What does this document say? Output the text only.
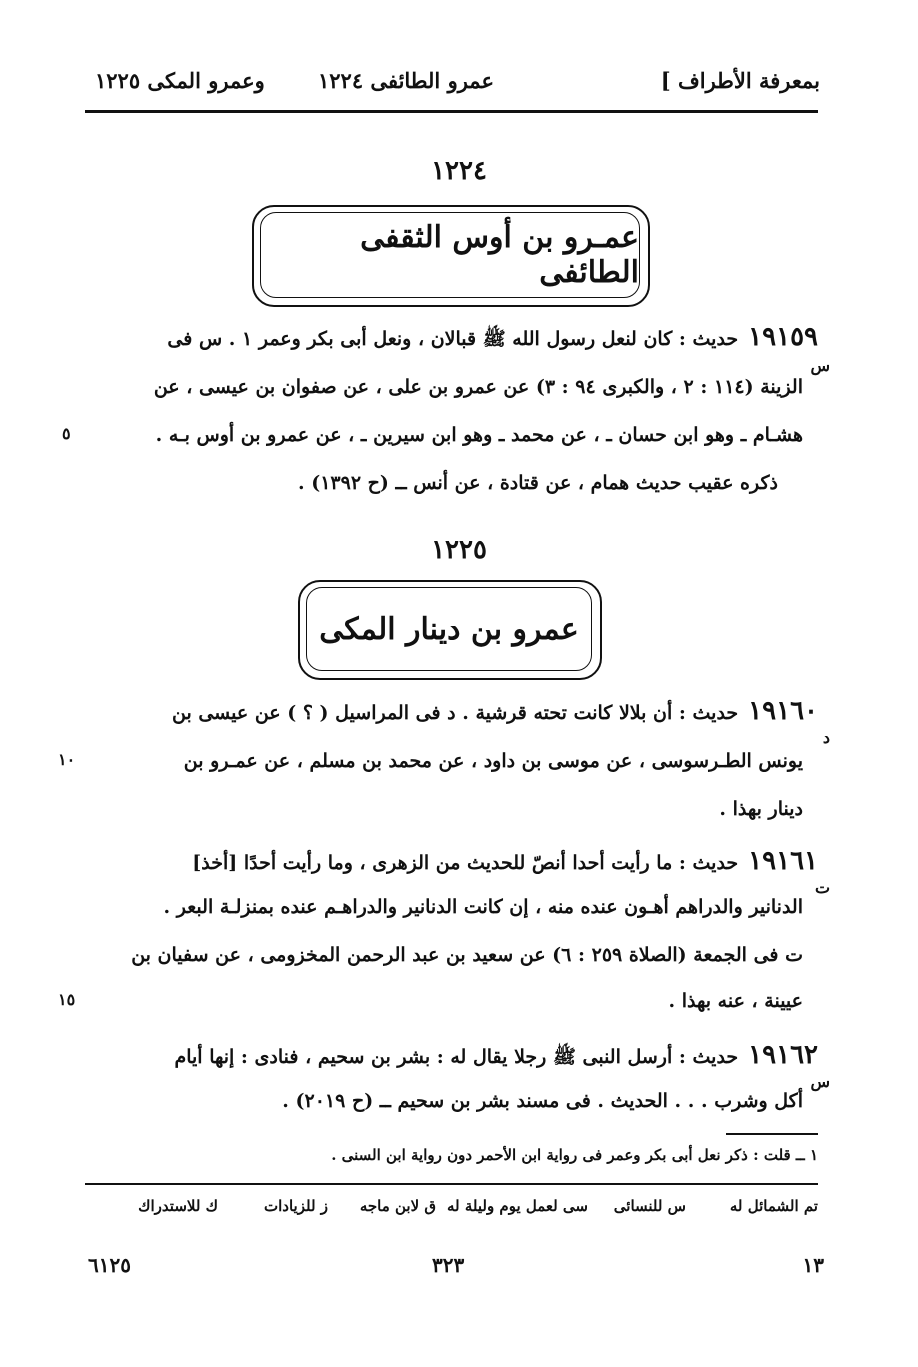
بمعرفة الأطراف ]
عمرو الطائفى ١٢٢٤
وعمرو المكى ١٢٢٥
١٢٢٤
عمـرو بن أوس الثقفى الطائفى
١٩١٥٩حديث : كان لنعل رسول الله ﷺ قبالان ، ونعل أبى بكر وعمر ١ . س فى
س
الزينة (١١٤ : ٢ ، والكبرى ٩٤ : ٣) عن عمرو بن على ، عن صفوان بن عيسى ، عن
هشـام ـ وهو ابن حسان ـ ، عن محمد ـ وهو ابن سيرين ـ ، عن عمرو بن أوس بـه .
٥
ذكره عقيب حديث همام ، عن قتادة ، عن أنس ــ (ح ١٣٩٢) .
١٢٢٥
عمرو بن دينار المكى
١٩١٦٠حديث : أن بلالا كانت تحته قرشية . د فى المراسيل ( ؟ ) عن عيسى بن
د
يونس الطـرسوسى ، عن موسى بن داود ، عن محمد بن مسلم ، عن عمـرو بن
١٠
دينار بهذا .
١٩١٦١حديث : ما رأيت أحدا أنصّ للحديث من الزهرى ، وما رأيت أحدًا [أخذ]
ت
الدنانير والدراهم أهـون عنده منه ، إن كانت الدنانير والدراهـم عنده بمنزلـة البعر .
ت فى الجمعة (الصلاة ٢٥٩ : ٦) عن سعيد بن عبد الرحمن المخزومى ، عن سفيان بن
عيينة ، عنه بهذا .
١٥
١٩١٦٢حديث : أرسل النبى ﷺ رجلا يقال له : بشر بن سحيم ، فنادى : إنها أيام
س
أكل وشرب . . . الحديث . فى مسند بشر بن سحيم ــ (ح ٢٠١٩) .
١ ــ قلت : ذكر نعل أبى بكر وعمر فى رواية ابن الأحمر دون رواية ابن السنى .
تم الشمائل له
س للنسائى
سى لعمل يوم وليلة له
ق لابن ماجه
ز للزيادات
ك للاستدراك
١٣
٣٢٣
٦١٢٥
